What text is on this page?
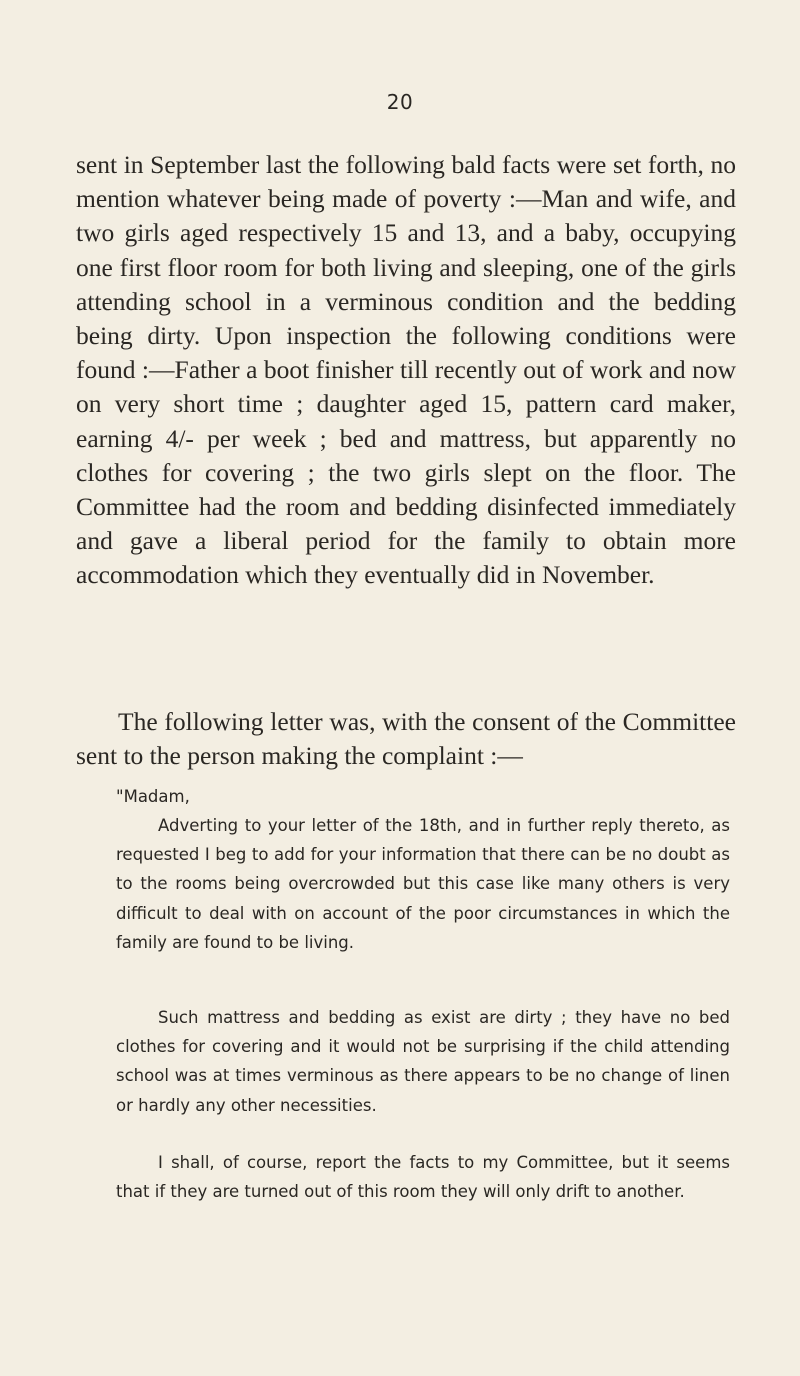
20

sent in September last the following bald facts were set forth, no mention whatever being made of poverty :—Man and wife, and two girls aged respectively 15 and 13, and a baby, occupying one first floor room for both living and sleeping, one of the girls attending school in a verminous condition and the bedding being dirty. Upon inspection the following conditions were found :—Father a boot finisher till recently out of work and now on very short time ; daughter aged 15, pattern card maker, earning 4/- per week ; bed and mattress, but apparently no clothes for covering ; the two girls slept on the floor. The Committee had the room and bedding disinfected immediately and gave a liberal period for the family to obtain more accommodation which they eventually did in November.

The following letter was, with the consent of the Committee sent to the person making the complaint :—

"Madam,

Adverting to your letter of the 18th, and in further reply thereto, as requested I beg to add for your information that there can be no doubt as to the rooms being overcrowded but this case like many others is very difficult to deal with on account of the poor circumstances in which the family are found to be living.

Such mattress and bedding as exist are dirty ; they have no bed clothes for covering and it would not be surprising if the child attending school was at times verminous as there appears to be no change of linen or hardly any other necessities.

I shall, of course, report the facts to my Committee, but it seems that if they are turned out of this room they will only drift to another.
